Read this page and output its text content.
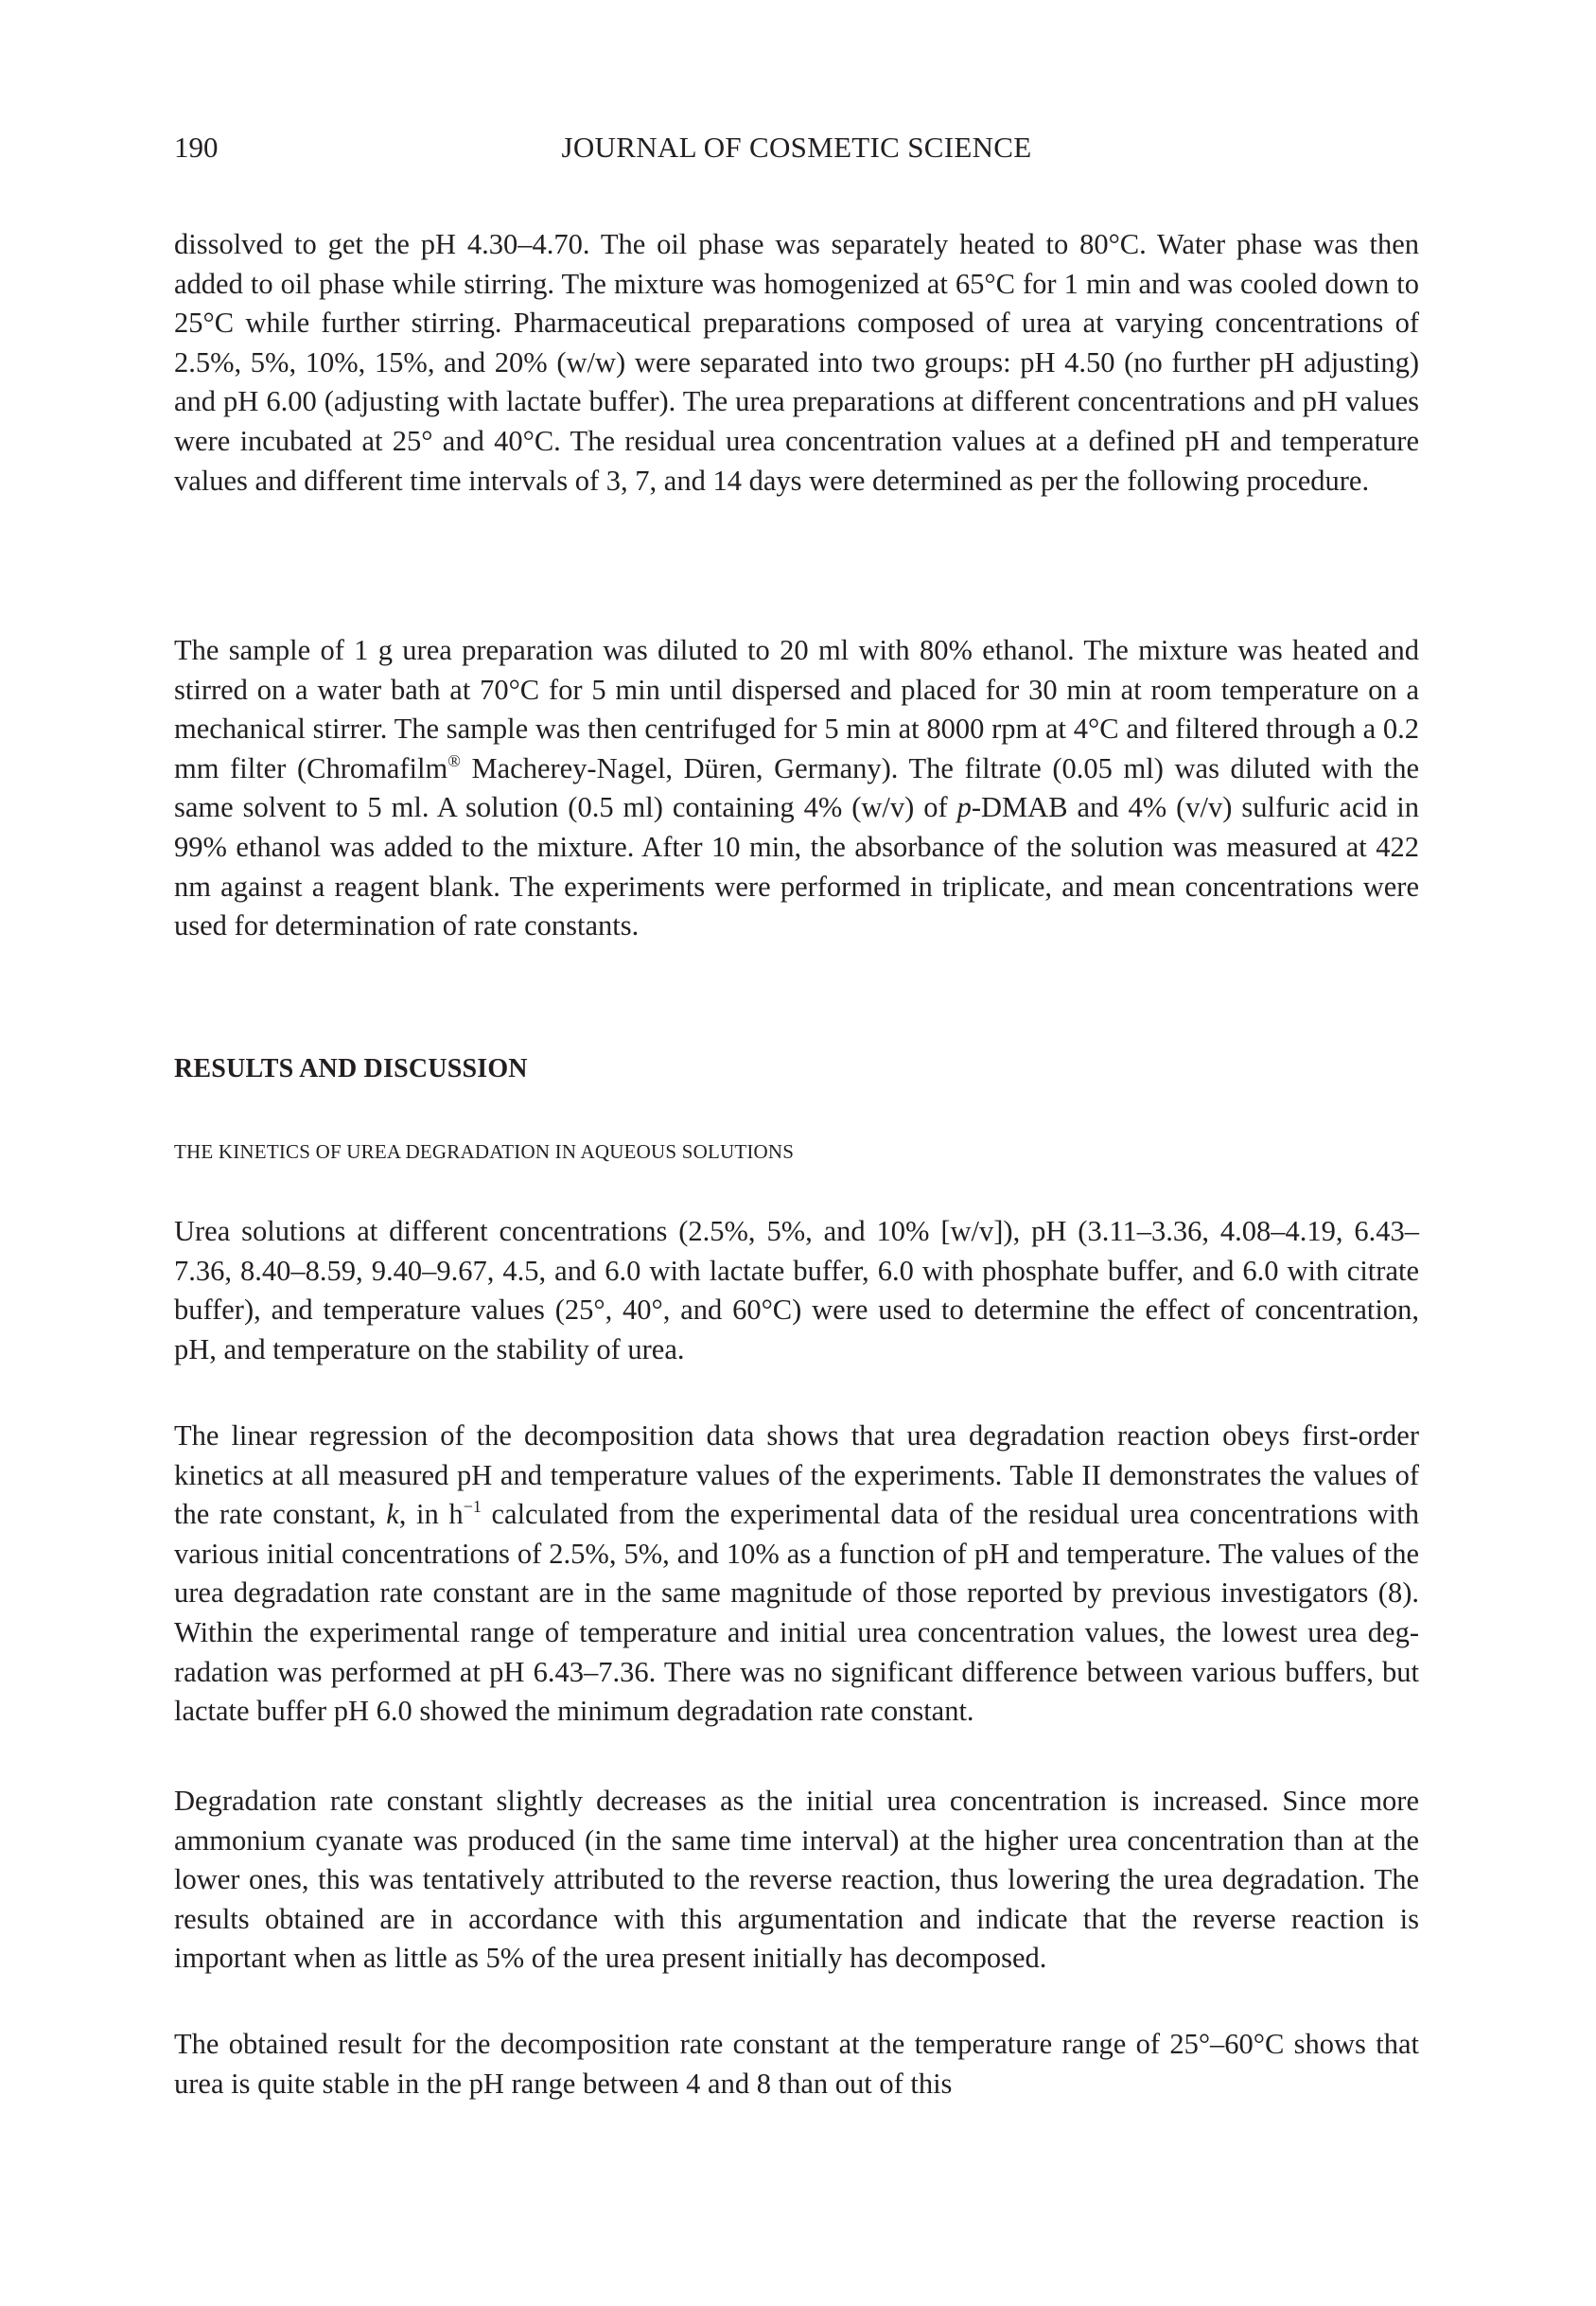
190	JOURNAL OF COSMETIC SCIENCE

dissolved to get the pH 4.30–4.70. The oil phase was separately heated to 80°C. Water phase was then added to oil phase while stirring. The mixture was homogenized at 65°C for 1 min and was cooled down to 25°C while further stirring. Pharmaceutical preparations composed of urea at varying concentrations of 2.5%, 5%, 10%, 15%, and 20% (w/w) were separated into two groups: pH 4.50 (no further pH adjusting) and pH 6.00 (adjusting with lactate buffer). The urea preparations at different concentrations and pH values were incubated at 25° and 40°C. The residual urea concentration values at a defined pH and temperature values and different time intervals of 3, 7, and 14 days were determined as per the following procedure.

The sample of 1 g urea preparation was diluted to 20 ml with 80% ethanol. The mixture was heated and stirred on a water bath at 70°C for 5 min until dispersed and placed for 30 min at room temperature on a mechanical stirrer. The sample was then centrifuged for 5 min at 8000 rpm at 4°C and filtered through a 0.2 mm filter (Chromafilm® Macherey-Nagel, Düren, Germany). The filtrate (0.05 ml) was diluted with the same solvent to 5 ml. A solution (0.5 ml) containing 4% (w/v) of p-DMAB and 4% (v/v) sulfuric acid in 99% ethanol was added to the mixture. After 10 min, the absorbance of the solution was measured at 422 nm against a reagent blank. The experiments were performed in triplicate, and mean concentrations were used for determination of rate constants.

RESULTS AND DISCUSSION
THE KINETICS OF UREA DEGRADATION IN AQUEOUS SOLUTIONS

Urea solutions at different concentrations (2.5%, 5%, and 10% [w/v]), pH (3.11–3.36, 4.08–4.19, 6.43–7.36, 8.40–8.59, 9.40–9.67, 4.5, and 6.0 with lactate buffer, 6.0 with phosphate buffer, and 6.0 with citrate buffer), and temperature values (25°, 40°, and 60°C) were used to determine the effect of concentration, pH, and temperature on the stability of urea.

The linear regression of the decomposition data shows that urea degradation reaction obeys first-order kinetics at all measured pH and temperature values of the experiments. Table II demonstrates the values of the rate constant, k, in $h^{-1}$ calculated from the experimental data of the residual urea concentrations with various initial concentrations of 2.5%, 5%, and 10% as a function of pH and temperature. The values of the urea degradation rate constant are in the same magnitude of those reported by previous investigators (8). Within the experimental range of temperature and initial urea concentration values, the lowest urea degradation was performed at pH 6.43–7.36. There was no significant difference between various buffers, but lactate buffer pH 6.0 showed the minimum degradation rate constant.

Degradation rate constant slightly decreases as the initial urea concentration is increased. Since more ammonium cyanate was produced (in the same time interval) at the higher urea concentration than at the lower ones, this was tentatively attributed to the reverse reaction, thus lowering the urea degradation. The results obtained are in accordance with this argumentation and indicate that the reverse reaction is important when as little as 5% of the urea present initially has decomposed.

The obtained result for the decomposition rate constant at the temperature range of 25°–60°C shows that urea is quite stable in the pH range between 4 and 8 than out of this
